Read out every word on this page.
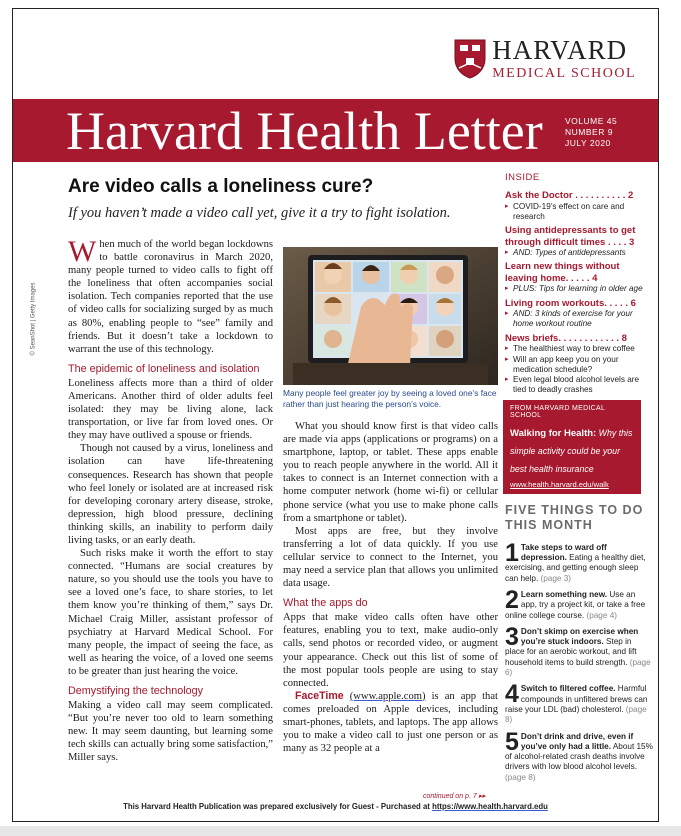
HARVARD
MEDICAL SCHOOL
Harvard Health Letter	VOLUME 45
NUMBER 9
JULY 2020
Are video calls a loneliness cure?
If you haven’t made a video call yet, give it a try to fight isolation.
© SeanShot | Getty Images

When much of the world began lockdowns to battle coronavirus in March 2020, many people turned to video calls to fight off the loneliness that often accompanies social isolation. Tech companies reported that the use of video calls for socializing surged by as much as 80%, enabling people to “see” family and friends. But it doesn’t take a lockdown to warrant the use of this technology.

The epidemic of loneliness and isolation

Loneliness affects more than a third of older Americans. Another third of older adults feel isolated: they may be living alone, lack transportation, or live far from loved ones. Or they may have outlived a spouse or friends.

Though not caused by a virus, loneliness and isolation can have life-threatening consequences. Research has shown that people who feel lonely or isolated are at increased risk for developing coronary artery disease, stroke, depression, high blood pressure, declining thinking skills, an inability to perform daily living tasks, or an early death.

Such risks make it worth the effort to stay connected. “Humans are social creatures by nature, so you should use the tools you have to see a loved one’s face, to share stories, to let them know you’re thinking of them,” says Dr. Michael Craig Miller, assistant professor of psychiatry at Harvard Medical School. For many people, the impact of seeing the face, as well as hearing the voice, of a loved one seems to be greater than just hearing the voice.

Demystifying the technology

Making a video call may seem complicated. “But you’re never too old to learn something new. It may seem daunting, but learning some tech skills can actually bring some satisfaction,” Miller says.

Many people feel greater joy by seeing a loved one’s face rather than just hearing the person’s voice.

What you should know first is that video calls are made via apps (applications or programs) on a smartphone, laptop, or tablet. These apps enable you to reach people anywhere in the world. All it takes to connect is an Internet connection with a home computer network (home wi-fi) or cellular phone service (what you use to make phone calls from a smartphone or tablet).

Most apps are free, but they involve transferring a lot of data quickly. If you use cellular service to connect to the Internet, you may need a service plan that allows you unlimited data usage.

What the apps do

Apps that make video calls often have other features, enabling you to text, make audio-only calls, send photos or recorded video, or augment your appearance. Check out this list of some of the most popular tools people are using to stay connected.

FaceTime (www.apple.com) is an app that comes preloaded on Apple devices, including smart-phones, tablets, and laptops. The app allows you to make a video call to just one person or as many as 32 people at a

continued on p. 7 ▸▸
INSIDE
Ask the Doctor . . . . . . . . . . 2
▸ COVID-19’s effect on care and research
Using antidepressants to get through difficult times . . . . 3
▸ AND: Types of antidepressants
Learn new things without leaving home. . . . . 4
▸ PLUS: Tips for learning in older age
Living room workouts. . . . . 6
▸ AND: 3 kinds of exercise for your home workout routine
News briefs. . . . . . . . . . . . 8
▸ The healthiest way to brew coffee
▸ Will an app keep you on your medication schedule?
▸ Even legal blood alcohol levels are tied to deadly crashes
FROM HARVARD MEDICAL SCHOOL
Walking for Health: Why this simple activity could be your best health insurance
www.health.harvard.edu/walk
FIVE THINGS TO DO THIS MONTH
1 Take steps to ward off depression. Eating a healthy diet, exercising, and getting enough sleep can help. (page 3)
2 Learn something new. Use an app, try a project kit, or take a free online college course. (page 4)
3 Don’t skimp on exercise when you’re stuck indoors. Step in place for an aerobic workout, and lift household items to build strength. (page 6)
4 Switch to filtered coffee. Harmful compounds in unfiltered brews can raise your LDL (bad) cholesterol. (page 8)
5 Don’t drink and drive, even if you’ve only had a little. About 15% of alcohol-related crash deaths involve drivers with low blood alcohol levels. (page 8)
This Harvard Health Publication was prepared exclusively for Guest - Purchased at https://www.health.harvard.edu
